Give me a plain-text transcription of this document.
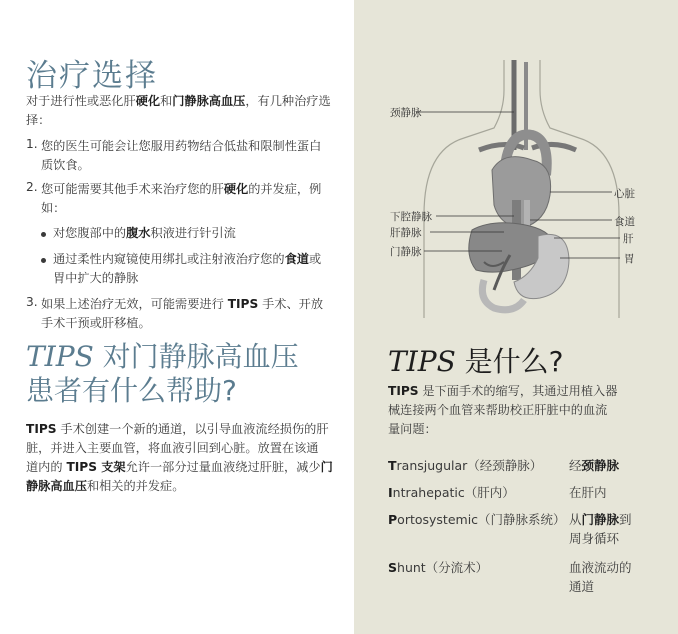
治疗选择
对于进行性或恶化肝硬化和门静脉高血压，有几种治疗选择：
1. 您的医生可能会让您服用药物结合低盐和限制性蛋白
质饮食。
2. 您可能需要其他手术来治疗您的肝硬化的并发症，例
如：
对您腹部中的腹水积液进行针引流
通过柔性内窥镜使用绑扎或注射液治疗您的食道或
胃中扩大的静脉
3. 如果上述治疗无效，可能需要进行 TIPS 手术、开放
手术干预或肝移植。
TIPS 对门静脉高血压
患者有什么帮助?
TIPS 手术创建一个新的通道，以引导血液流经损伤的肝
脏，并进入主要血管，将血液引回到心脏。放置在该通
道内的 TIPS 支架允许一部分过量血液绕过肝脏，减少门
静脉高血压和相关的并发症。
颈静脉
心脏
下腔静脉	食道
肝静脉	肝
门静脉
胃
TIPS 是什么?
TIPS 是下面手术的缩写，其通过用植入器
械连接两个血管来帮助校正肝脏中的血流
量问题：
Transjugular（经颈静脉） 经颈静脉
Intrahepatic（肝内）	在肝内
Portosystemic（门静脉系统） 从门静脉到
周身循环
Shunt（分流术）	血液流动的
通道
